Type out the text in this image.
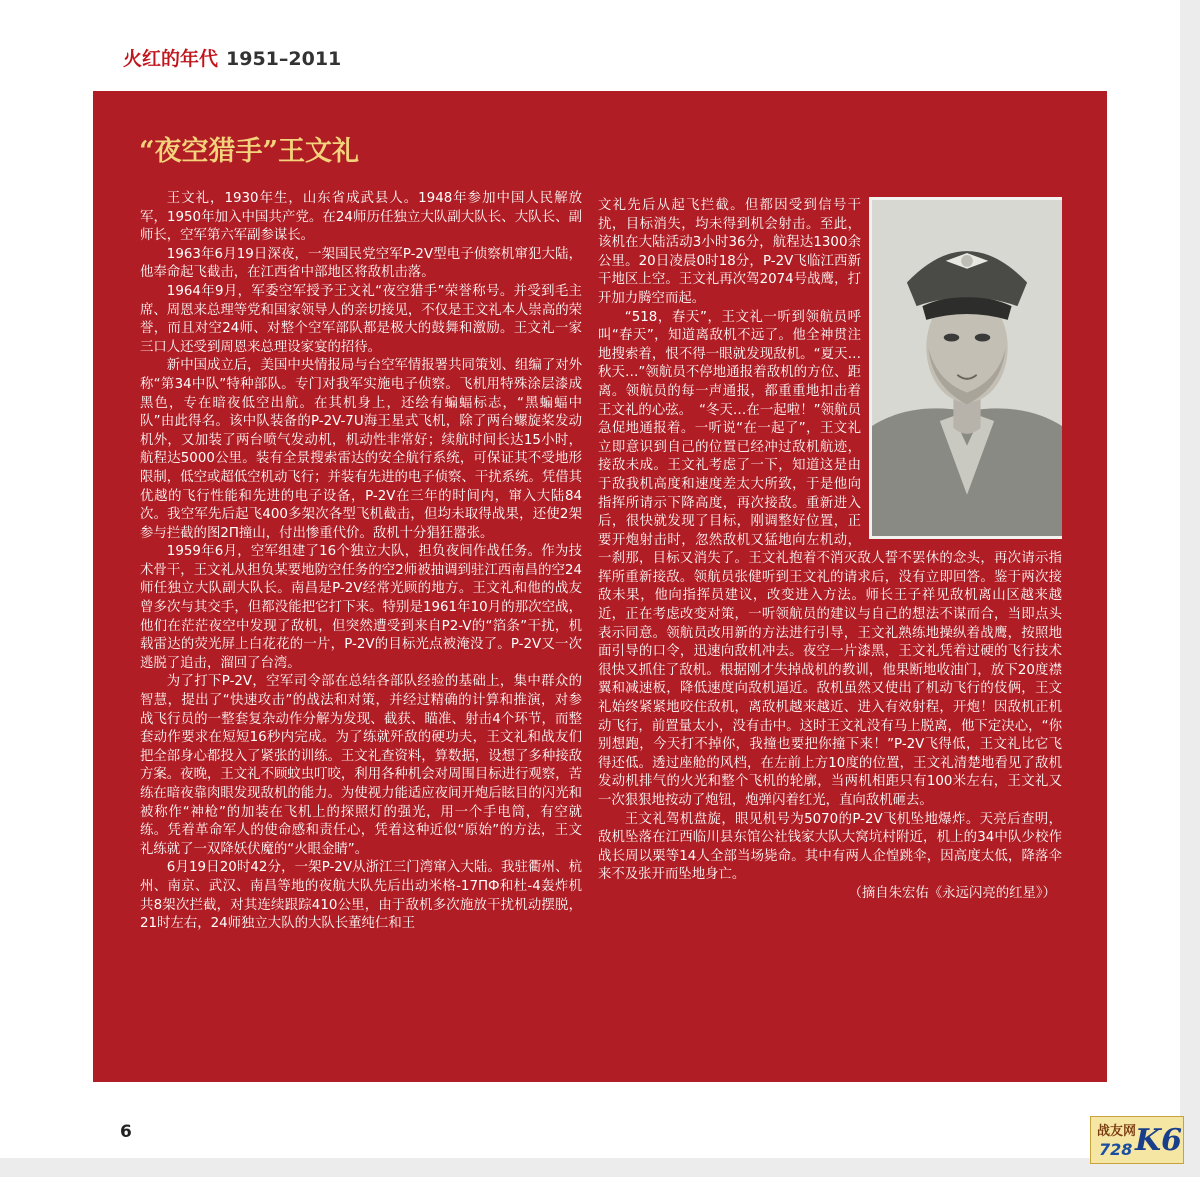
火红的年代 1951–2011
“夜空猎手”王文礼

王文礼，1930年生，山东省成武县人。1948年参加中国人民解放军，1950年加入中国共产党。在24师历任独立大队副大队长、大队长、副师长，空军第六军副参谋长。

1963年6月19日深夜，一架国民党空军P-2V型电子侦察机窜犯大陆，他奉命起飞截击，在江西省中部地区将敌机击落。

1964年9月，军委空军授予王文礼“夜空猎手”荣誉称号。并受到毛主席、周恩来总理等党和国家领导人的亲切接见，不仅是王文礼本人崇高的荣誉，而且对空24师、对整个空军部队都是极大的鼓舞和激励。王文礼一家三口人还受到周恩来总理设家宴的招待。

新中国成立后，美国中央情报局与台空军情报署共同策划、组编了对外称“第34中队”特种部队。专门对我军实施电子侦察。飞机用特殊涂层漆成黑色，专在暗夜低空出航。在其机身上，还绘有蝙蝠标志，“黑蝙蝠中队”由此得名。该中队装备的P-2V-7U海王星式飞机，除了两台螺旋桨发动机外，又加装了两台喷气发动机，机动性非常好；续航时间长达15小时，航程达5000公里。装有全景搜索雷达的安全航行系统，可保证其不受地形限制，低空或超低空机动飞行；并装有先进的电子侦察、干扰系统。凭借其优越的飞行性能和先进的电子设备，P-2V在三年的时间内，窜入大陆84次。我空军先后起飞400多架次各型飞机截击，但均未取得战果，还使2架参与拦截的图2П撞山，付出惨重代价。敌机十分猖狂嚣张。

1959年6月，空军组建了16个独立大队，担负夜间作战任务。作为技术骨干，王文礼从担负某要地防空任务的空2师被抽调到驻江西南昌的空24师任独立大队副大队长。南昌是P-2V经常光顾的地方。王文礼和他的战友曾多次与其交手，但都没能把它打下来。特别是1961年10月的那次空战，他们在茫茫夜空中发现了敌机，但突然遭受到来自P2-V的“箔条”干扰，机载雷达的荧光屏上白花花的一片，P-2V的目标光点被淹没了。P-2V又一次逃脱了追击，溜回了台湾。

为了打下P-2V，空军司令部在总结各部队经验的基础上，集中群众的智慧，提出了“快速攻击”的战法和对策，并经过精确的计算和推演，对参战飞行员的一整套复杂动作分解为发现、截获、瞄准、射击4个环节，而整套动作要求在短短16秒内完成。为了练就歼敌的硬功夫，王文礼和战友们把全部身心都投入了紧张的训练。王文礼查资料，算数据，设想了多种接敌方案。夜晚，王文礼不顾蚊虫叮咬，利用各种机会对周围目标进行观察，苦练在暗夜靠肉眼发现敌机的能力。为使视力能适应夜间开炮后眩目的闪光和被称作“神枪”的加装在飞机上的探照灯的强光，用一个手电筒，有空就练。凭着革命军人的使命感和责任心，凭着这种近似“原始”的方法，王文礼练就了一双降妖伏魔的“火眼金睛”。

6月19日20时42分，一架P-2V从浙江三门湾窜入大陆。我驻衢州、杭州、南京、武汉、南昌等地的夜航大队先后出动米格-17ПФ和杜-4轰炸机共8架次拦截，对其连续跟踪410公里，由于敌机多次施放干扰机动摆脱，21时左右，24师独立大队的大队长董纯仁和王

文礼先后从起飞拦截。但都因受到信号干扰，目标消失，均未得到机会射击。至此，该机在大陆活动3小时36分，航程达1300余公里。20日凌晨0时18分，P-2V飞临江西新干地区上空。王文礼再次驾2074号战鹰，打开加力腾空而起。

“518，春天”，王文礼一听到领航员呼叫“春天”，知道离敌机不远了。他全神贯注地搜索着，恨不得一眼就发现敌机。“夏天…秋天…”领航员不停地通报着敌机的方位、距离。领航员的每一声通报，都重重地扣击着王文礼的心弦。　“冬天…在一起啦！”领航员急促地通报着。一听说“在一起了”，王文礼立即意识到自己的位置已经冲过敌机航迹，接敌未成。王文礼考虑了一下，知道这是由于敌我机高度和速度差太大所致，于是他向指挥所请示下降高度，再次接敌。重新进入后，很快就发现了目标，刚调整好位置，正要开炮射击时，忽然敌机又猛地向左机动，一刹那，目标又消失了。王文礼抱着不消灭敌人誓不罢休的念头，再次请示指挥所重新接敌。领航员张健听到王文礼的请求后，没有立即回答。鉴于两次接敌未果，他向指挥员建议，改变进入方法。师长王子祥见敌机离山区越来越近，正在考虑改变对策，一听领航员的建议与自己的想法不谋而合，当即点头表示同意。领航员改用新的方法进行引导，王文礼熟练地操纵着战鹰，按照地面引导的口令，迅速向敌机冲去。夜空一片漆黑，王文礼凭着过硬的飞行技术很快又抓住了敌机。根据刚才失掉战机的教训，他果断地收油门，放下20度襟翼和减速板，降低速度向敌机逼近。敌机虽然又使出了机动飞行的伎俩，王文礼始终紧紧地咬住敌机，离敌机越来越近、进入有效射程，开炮！因敌机正机动飞行，前置量太小，没有击中。这时王文礼没有马上脱离，他下定决心，“你别想跑，今天打不掉你，我撞也要把你撞下来！”P-2V飞得低，王文礼比它飞得还低。透过座舱的风档，在左前上方10度的位置，王文礼清楚地看见了敌机发动机排气的火光和整个飞机的轮廓，当两机相距只有100米左右，王文礼又一次狠狠地按动了炮钮，炮弹闪着红光，直向敌机砸去。

王文礼驾机盘旋，眼见机号为5070的P-2V飞机坠地爆炸。天亮后查明，敌机坠落在江西临川县东馆公社钱家大队大窝坑村附近，机上的34中队少校作战长周以栗等14人全部当场毙命。其中有两人企惶跳伞，因高度太低，降落伞来不及张开而坠地身亡。

（摘自朱宏佑《永远闪亮的红星》）

6	战友网
728 K6
